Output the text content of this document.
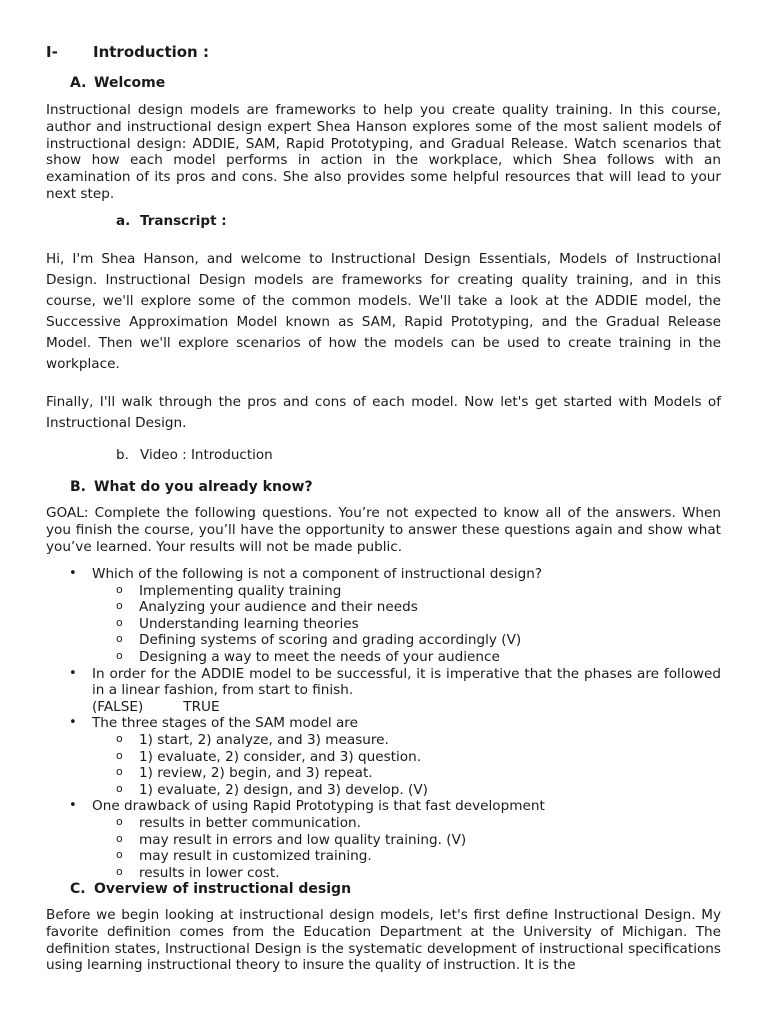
I- Introduction :
A. Welcome
Instructional design models are frameworks to help you create quality training. In this course, author and instructional design expert Shea Hanson explores some of the most salient models of instructional design: ADDIE, SAM, Rapid Prototyping, and Gradual Release. Watch scenarios that show how each model performs in action in the workplace, which Shea follows with an examination of its pros and cons. She also provides some helpful resources that will lead to your next step.
a. Transcript :
Hi, I'm Shea Hanson, and welcome to Instructional Design Essentials, Models of Instructional Design. Instructional Design models are frameworks for creating quality training, and in this course, we'll explore some of the common models. We'll take a look at the ADDIE model, the Successive Approximation Model known as SAM, Rapid Prototyping, and the Gradual Release Model. Then we'll explore scenarios of how the models can be used to create training in the workplace.
Finally, I'll walk through the pros and cons of each model. Now let's get started with Models of Instructional Design.
b. Video : Introduction
B. What do you already know?
GOAL: Complete the following questions. You’re not expected to know all of the answers. When you finish the course, you’ll have the opportunity to answer these questions again and show what you’ve learned. Your results will not be made public.
• Which of the following is not a component of instructional design?
o Implementing quality training
o Analyzing your audience and their needs
o Understanding learning theories
o Defining systems of scoring and grading accordingly (V)
o Designing a way to meet the needs of your audience
• In order for the ADDIE model to be successful, it is imperative that the phases are followed in a linear fashion, from start to finish.
(FALSE)	TRUE
• The three stages of the SAM model are
o 1) start, 2) analyze, and 3) measure.
o 1) evaluate, 2) consider, and 3) question.
o 1) review, 2) begin, and 3) repeat.
o 1) evaluate, 2) design, and 3) develop. (V)
• One drawback of using Rapid Prototyping is that fast development
o results in better communication.
o may result in errors and low quality training. (V)
o may result in customized training.
o results in lower cost.
C. Overview of instructional design
Before we begin looking at instructional design models, let's first define Instructional Design. My favorite definition comes from the Education Department at the University of Michigan. The definition states, Instructional Design is the systematic development of instructional specifications using learning instructional theory to insure the quality of instruction. It is the
